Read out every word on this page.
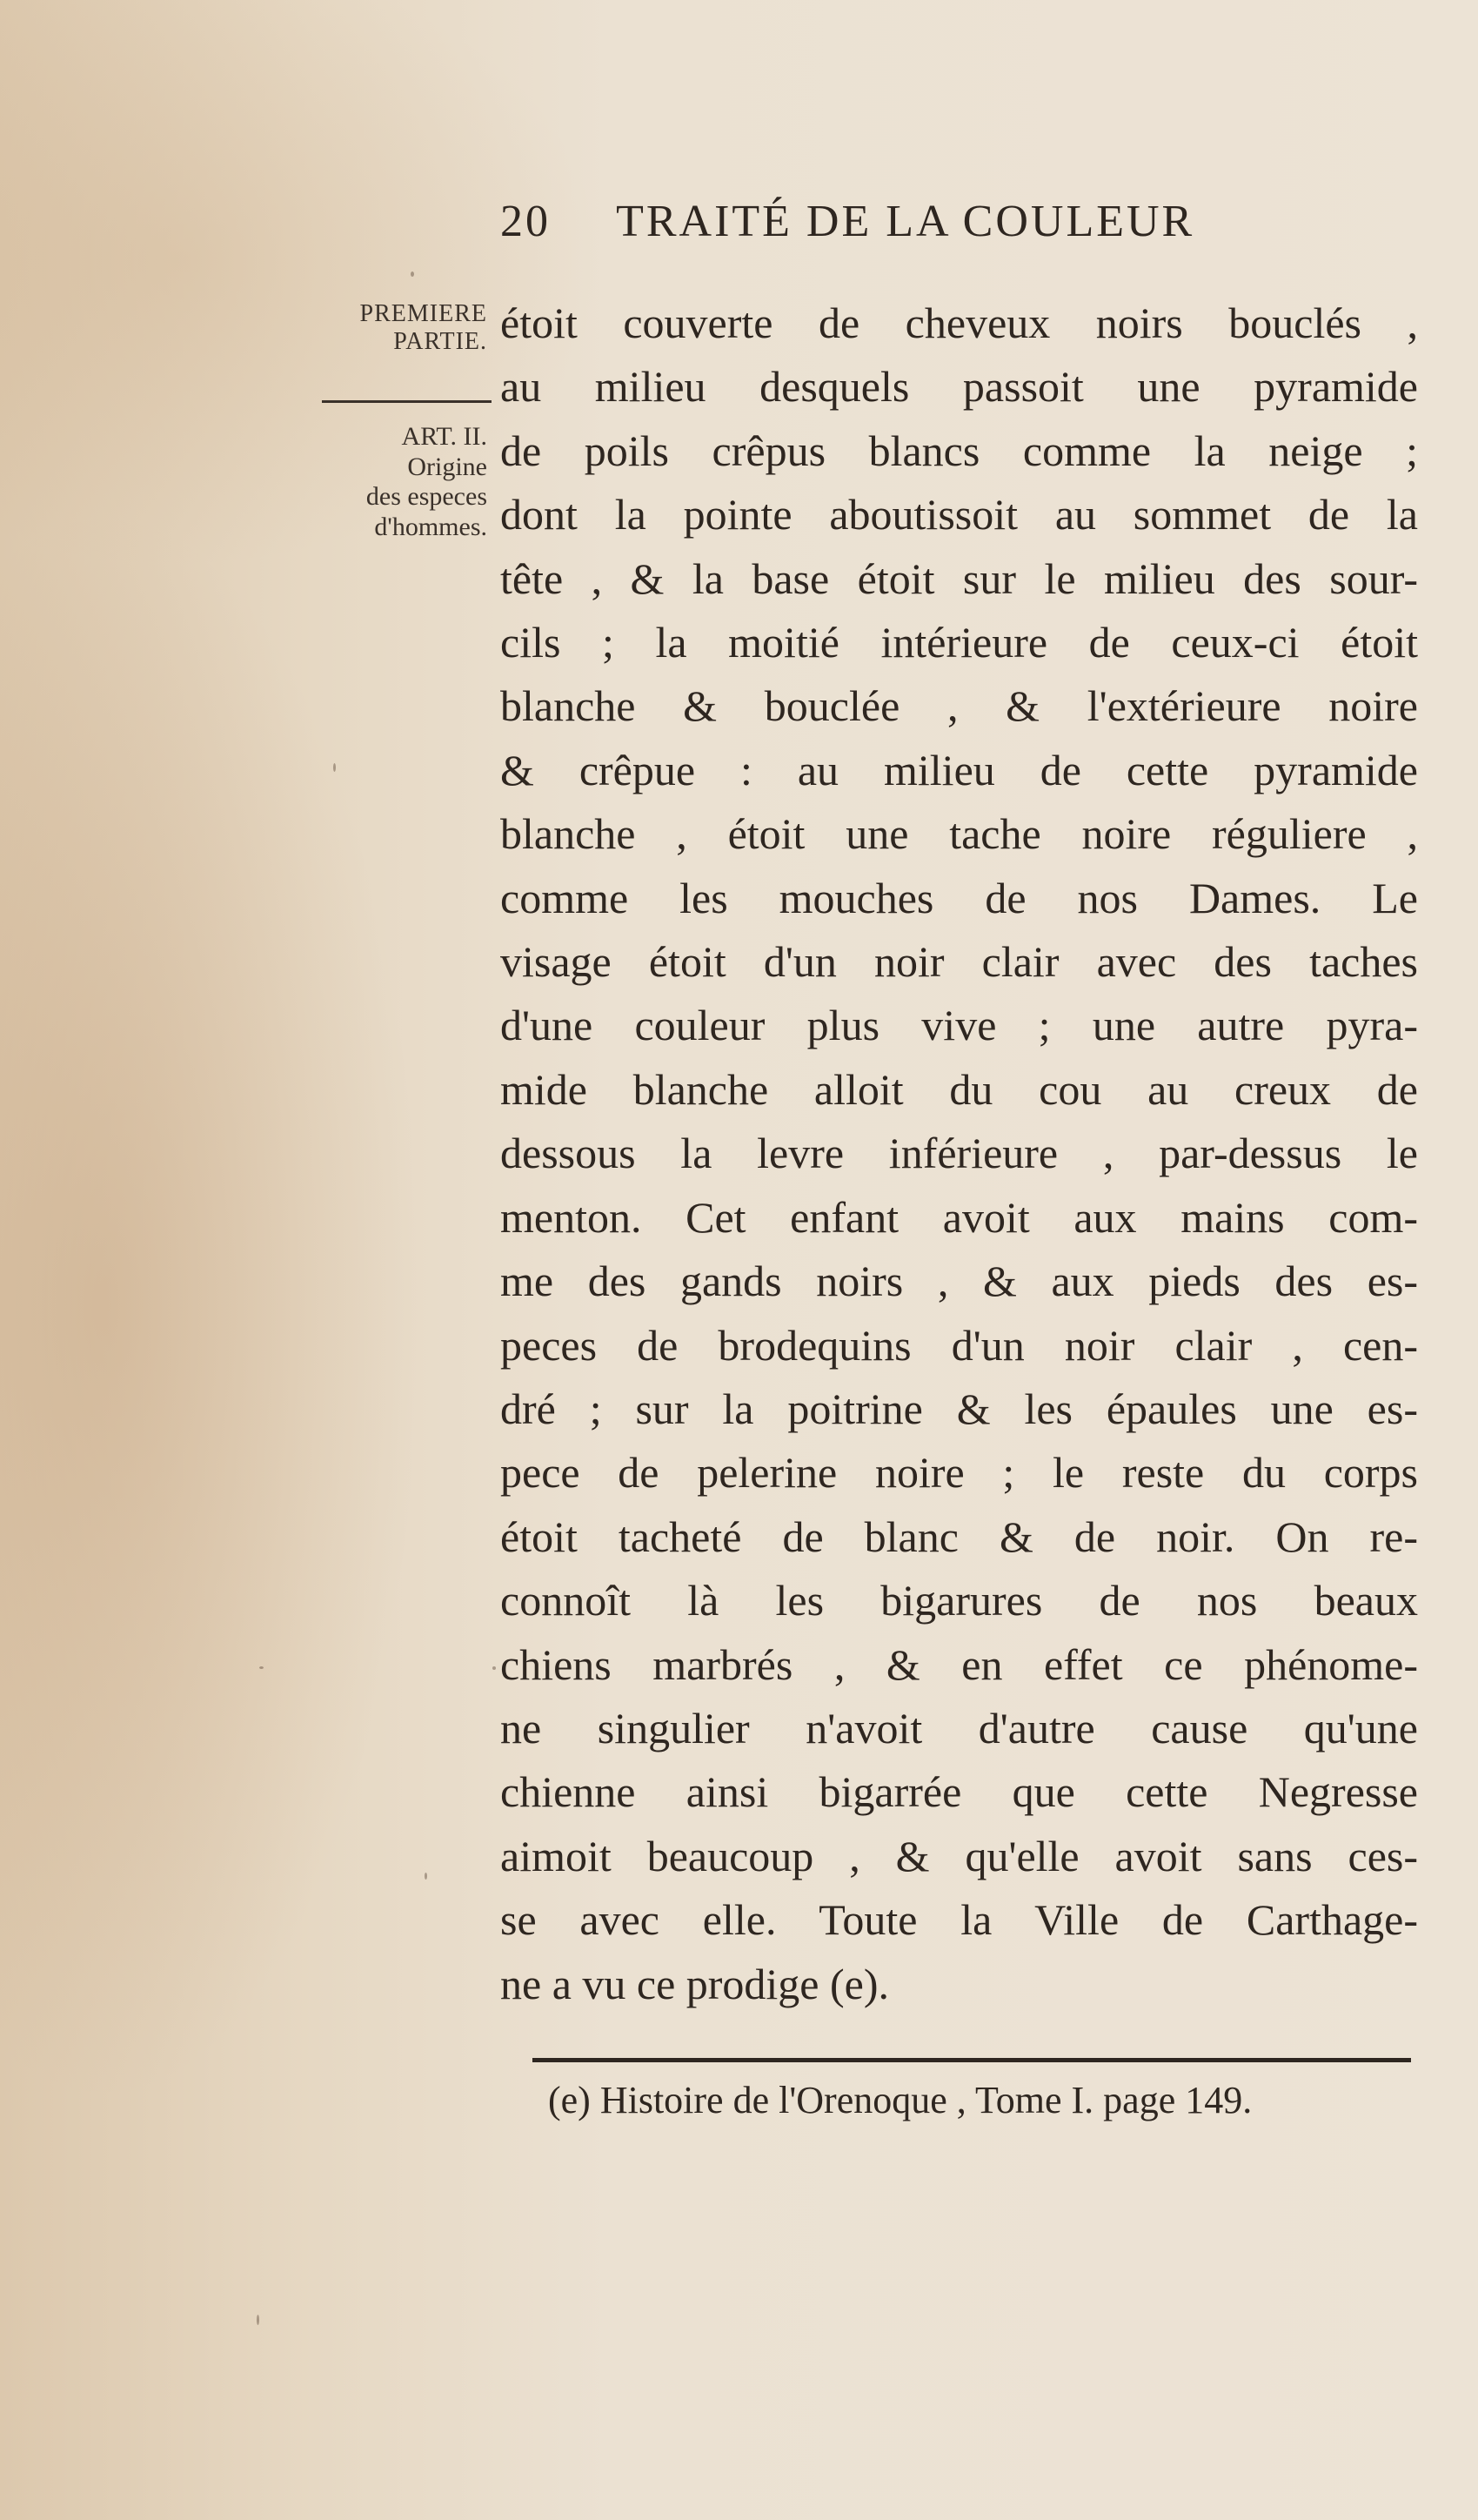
20 TRAITÉ DE LA COULEUR
PREMIERE
PARTIE.
ART. II.
Origine
des especes
d'hommes.
étoit couverte de cheveux noirs bouclés ,
au milieu desquels passoit une pyramide
de poils crêpus blancs comme la neige ;
dont la pointe aboutissoit au sommet de la
tête , & la base étoit sur le milieu des sour-
cils ; la moitié intérieure de ceux-ci étoit
blanche & bouclée , & l'extérieure noire
& crêpue : au milieu de cette pyramide
blanche , étoit une tache noire réguliere ,
comme les mouches de nos Dames. Le
visage étoit d'un noir clair avec des taches
d'une couleur plus vive ; une autre pyra-
mide blanche alloit du cou au creux de
dessous la levre inférieure , par-dessus le
menton. Cet enfant avoit aux mains com-
me des gands noirs , & aux pieds des es-
peces de brodequins d'un noir clair , cen-
dré ; sur la poitrine & les épaules une es-
pece de pelerine noire ; le reste du corps
étoit tacheté de blanc & de noir. On re-
connoît là les bigarures de nos beaux
chiens marbrés , & en effet ce phénome-
ne singulier n'avoit d'autre cause qu'une
chienne ainsi bigarrée que cette Negresse
aimoit beaucoup , & qu'elle avoit sans ces-
se avec elle. Toute la Ville de Carthage-
ne a vu ce prodige (e).
(e) Histoire de l'Orenoque , Tome I. page 149.
